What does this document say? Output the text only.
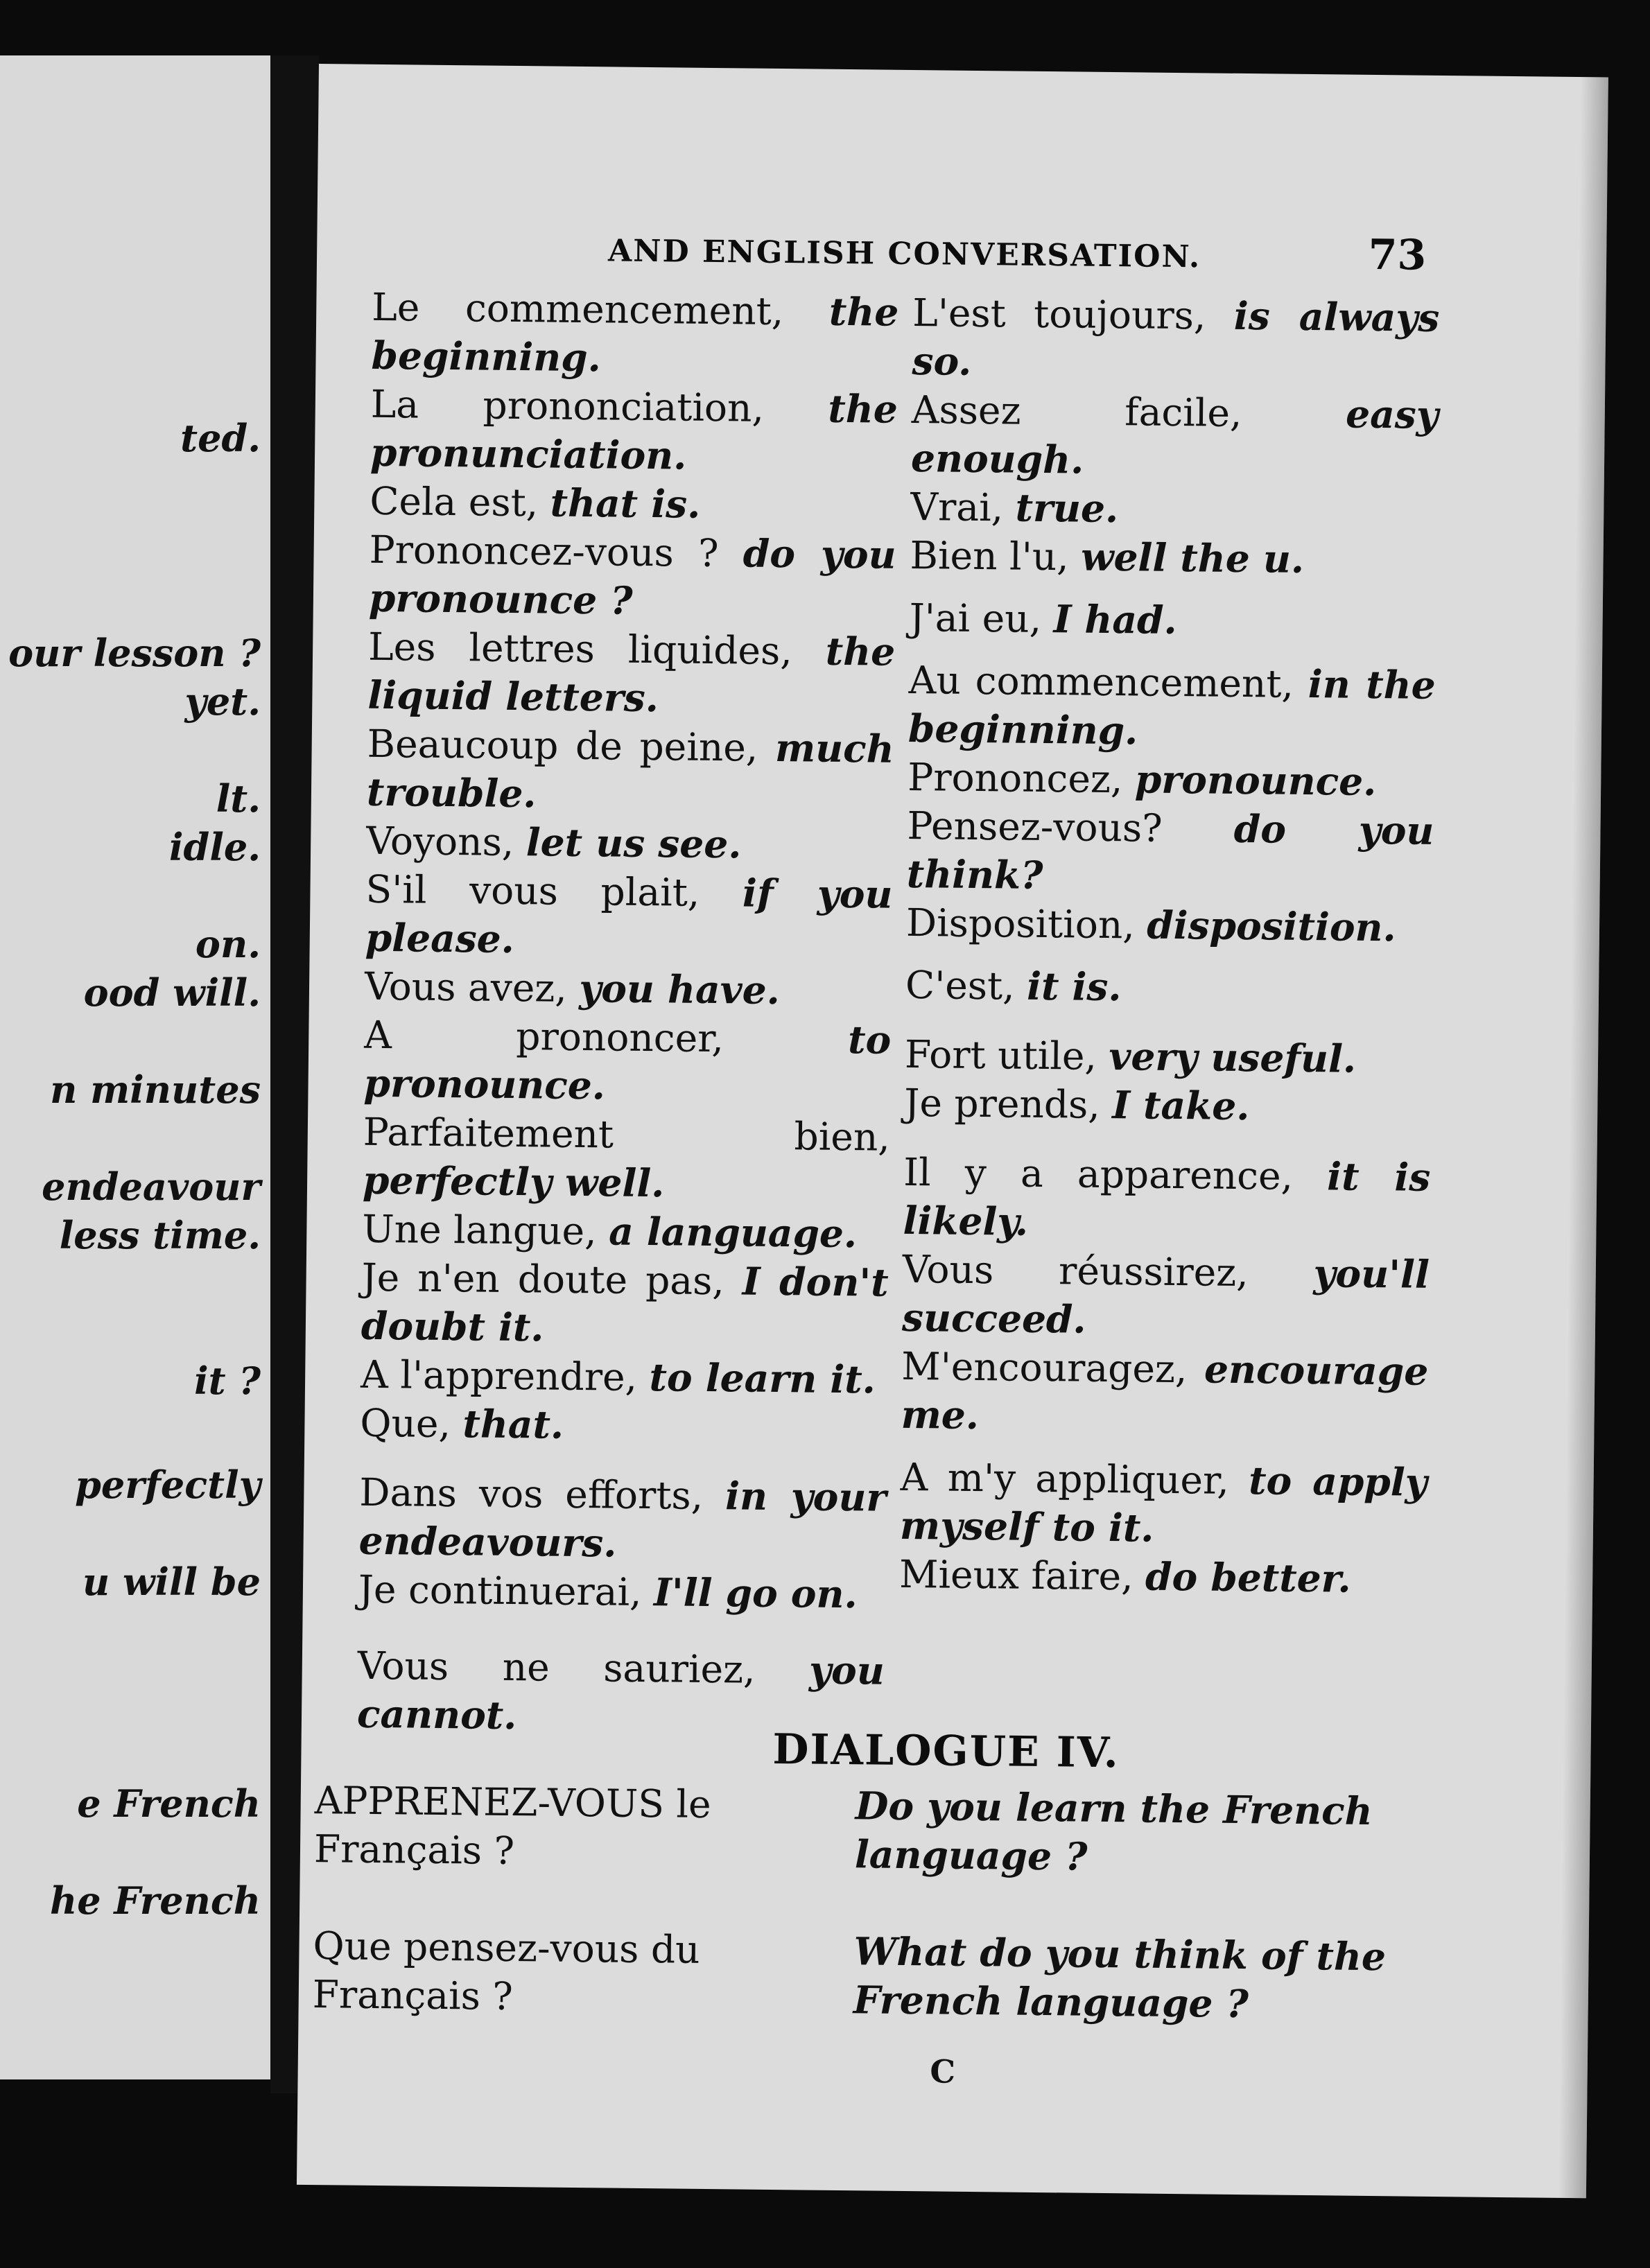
ted.
our lesson ?
yet.
lt.
idle.
on.
ood will.
n minutes
endeavour
less time.
it ?
perfectly
u will be
e French
he French
AND ENGLISH CONVERSATION.	73
Le commencement, the beginning.
La prononciation, the pronunciation.
Cela est, that is.
Prononcez-vous ? do you pronounce ?
Les lettres liquides, the liquid letters.
Beaucoup de peine, much trouble.
Voyons, let us see.
S'il vous plait, if you please.
Vous avez, you have.
A prononcer, to pronounce.
Parfaitement bien, perfectly well.
Une langue, a language.
Je n'en doute pas, I don't doubt it.
A l'apprendre, to learn it.
Que, that.
Dans vos efforts, in your endeavours.
Je continuerai, I'll go on.
Vous ne sauriez, you cannot.
L'est toujours, is always so.
Assez facile, easy enough.
Vrai, true.
Bien l'u, well the u.
J'ai eu, I had.
Au commencement, in the beginning.
Prononcez, pronounce.
Pensez-vous? do you think?
Disposition, disposition.
C'est, it is.
Fort utile, very useful.
Je prends, I take.
Il y a apparence, it is likely.
Vous réussirez, you'll succeed.
M'encouragez, encourage me.
A m'y appliquer, to apply myself to it.
Mieux faire, do better.
DIALOGUE IV.
APPRENEZ-VOUS le Français ?
Que pensez-vous du Français ?
Do you learn the French language ?
What do you think of the French language ?
C
